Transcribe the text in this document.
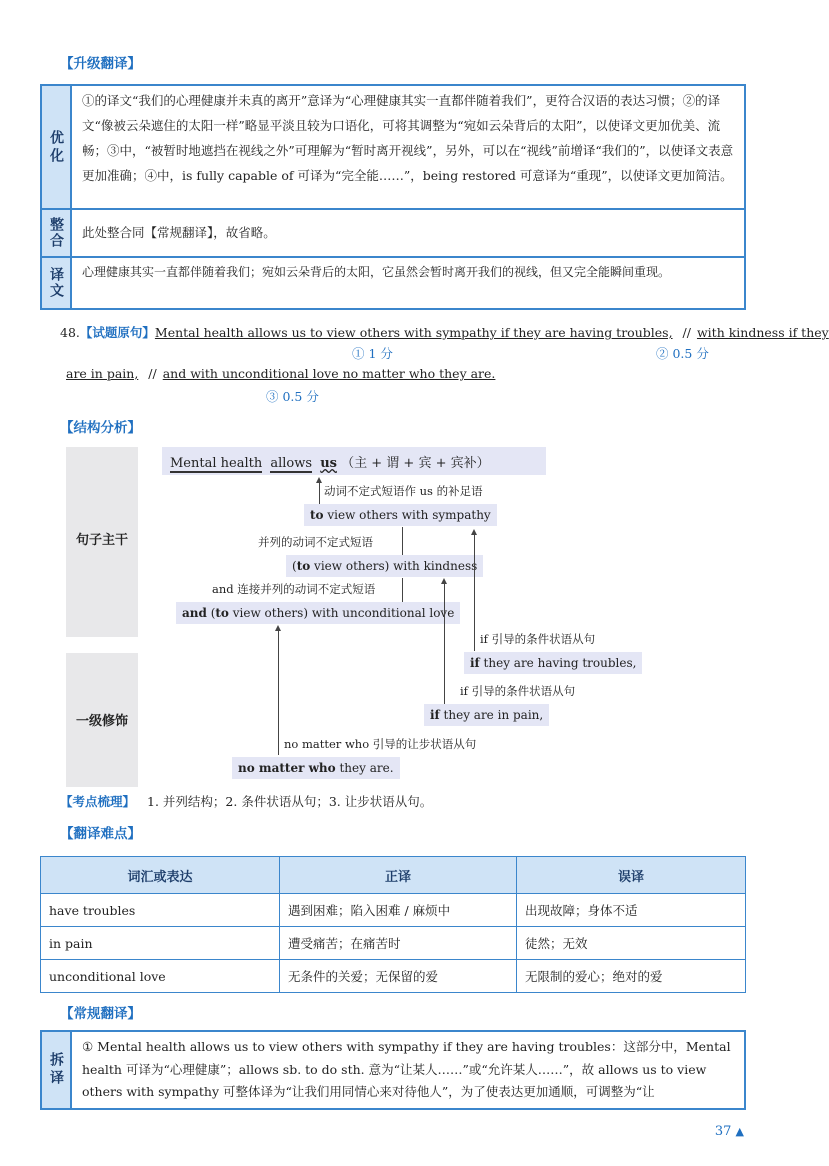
【升级翻译】
优化
①的译文“我们的心理健康并未真的离开”意译为“心理健康其实一直都伴随着我们”，更符合汉语的表达习惯；②的译文“像被云朵遮住的太阳一样”略显平淡且较为口语化，可将其调整为“宛如云朵背后的太阳”，以使译文更加优美、流畅；③中，“被暂时地遮挡在视线之外”可理解为“暂时离开视线”，另外，可以在“视线”前增译“我们的”，以使译文表意更加准确；④中，is fully capable of 可译为“完全能……”，being restored 可意译为“重现”，以使译文更加简洁。
整合 此处整合同【常规翻译】，故省略。
译文 心理健康其实一直都伴随着我们；宛如云朵背后的太阳，它虽然会暂时离开我们的视线，但又完全能瞬间重现。
48.【试题原句】Mental health allows us to view others with sympathy if they are having troubles, // with kindness if they
① 1 分	② 0.5 分
are in pain, // and with unconditional love no matter who they are.
③ 0.5 分
【结构分析】
句子主干
一级修饰
Mental health allows us （主 + 谓 + 宾 + 宾补）
动词不定式短语作 us 的补足语
to view others with sympathy
并列的动词不定式短语
(to view others) with kindness
and 连接并列的动词不定式短语
and (to view others) with unconditional love
if 引导的条件状语从句
if they are having troubles,
if 引导的条件状语从句
if they are in pain,
no matter who 引导的让步状语从句
no matter who they are.
【考点梳理】 1. 并列结构；2. 条件状语从句；3. 让步状语从句。
【翻译难点】
词汇或表达	正译	误译
have troubles	遇到困难；陷入困难 / 麻烦中	出现故障；身体不适
in pain	遭受痛苦；在痛苦时	徒然；无效
unconditional love	无条件的关爱；无保留的爱	无限制的爱心；绝对的爱
【常规翻译】
拆译
① Mental health allows us to view others with sympathy if they are having troubles：这部分中，Mental health 可译为“心理健康”；allows sb. to do sth. 意为“让某人……”或“允许某人……”，故 allows us to view others with sympathy 可整体译为“让我们用同情心来对待他人”，为了使表达更加通顺，可调整为“让
37 ▲
